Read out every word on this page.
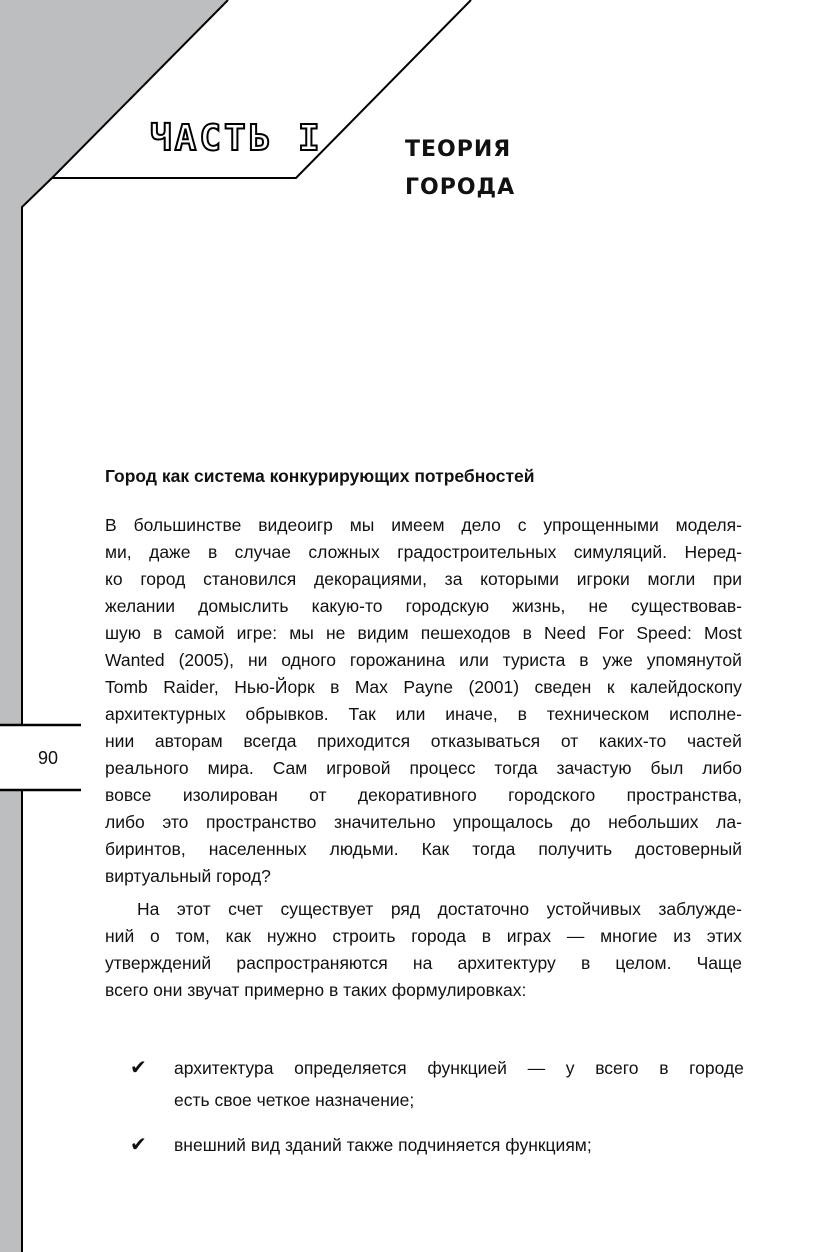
ЧАСТЬ I	ТЕОРИЯ
ГОРОДА
90
Город как система конкурирующих потребностей
В большинстве видеоигр мы имеем дело с упрощенными моделя-
ми, даже в случае сложных градостроительных симуляций. Неред-
ко город становился декорациями, за которыми игроки могли при
желании домыслить какую-то городскую жизнь, не существовав-
шую в самой игре: мы не видим пешеходов в Need For Speed: Most
Wanted (2005), ни одного горожанина или туриста в уже упомянутой
Tomb Raider, Нью-Йорк в Max Payne (2001) сведен к калейдоскопу
архитектурных обрывков. Так или иначе, в техническом исполне-
нии авторам всегда приходится отказываться от каких-то частей
реального мира. Сам игровой процесс тогда зачастую был либо
вовсе изолирован от декоративного городского пространства,
либо это пространство значительно упрощалось до небольших ла-
биринтов, населенных людьми. Как тогда получить достоверный
виртуальный город?
На этот счет существует ряд достаточно устойчивых заблужде-
ний о том, как нужно строить города в играх — многие из этих
утверждений распространяются на архитектуру в целом. Чаще
всего они звучат примерно в таких формулировках:
✔ архитектура определяется функцией — у всего в городе
есть свое четкое назначение;
✔ внешний вид зданий также подчиняется функциям;
